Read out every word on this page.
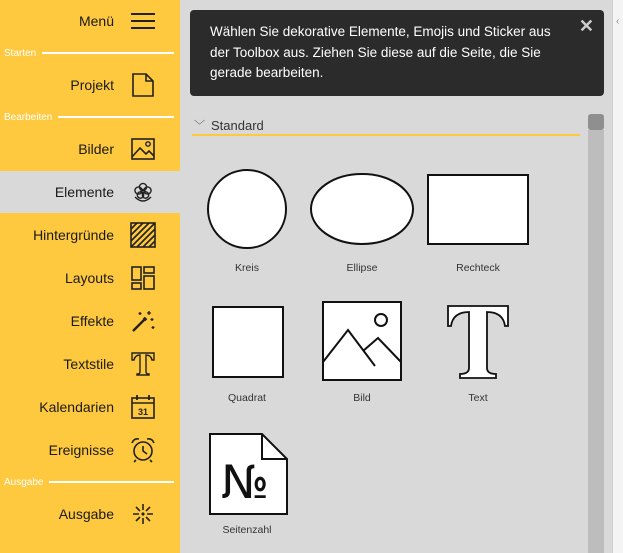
Menü
Starten
Projekt
Bearbeiten
Bilder
Elemente
Hintergründe
Layouts
Effekte
Textstile
Kalendarien	31
Ereignisse
Ausgabe
Ausgabe
‹
Wählen Sie dekorative Elemente, Emojis und Sticker aus der Toolbox aus. Ziehen Sie diese auf die Seite, die Sie gerade bearbeiten.
✕
﹀ Standard
Kreis	Ellipse	Rechteck
Quadrat	Bild	Text
№
Seitenzahl
